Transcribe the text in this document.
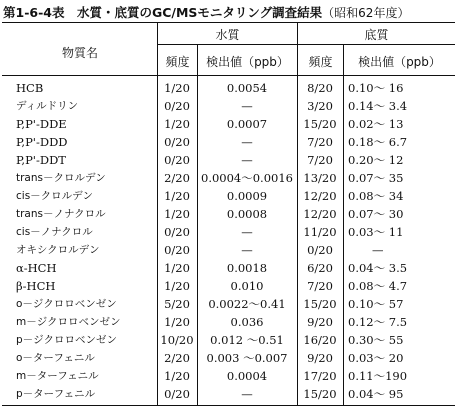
第1-6-4表　水質・底質のGC/MSモニタリング調査結果（昭和62年度）
物質名
水質	底質
頻度	検出値（ppb）	頻度	検出値（ppb）
HCB	1/20	0.0054	8/20	0.10～ 16
ディルドリン	0/20	—	3/20	0.14～ 3.4
P,P'-DDE	1/20	0.0007	15/20 0.02～ 13
P,P'-DDD	0/20	—	7/20	0.18～ 6.7
P,P'-DDT	0/20	—	7/20	0.20～ 12
trans－クロルデン	2/20 0.0004～0.0016 13/20 0.07～ 35
cis－クロルデン	1/20	0.0009	12/20 0.08～ 34
trans－ノナクロル	1/20	0.0008	12/20 0.07～ 30
cis－ノナクロル	0/20	—	11/20 0.03～ 11
オキシクロルデン	0/20	—	0/20	—
α-HCH	1/20	0.0018	6/20	0.04～ 3.5
β-HCH	1/20	0.010	7/20	0.08～ 4.7
o－ジクロロベンゼン	5/20	0.0022～0.41	15/20 0.10～ 57
m－ジクロロベンゼン	1/20	0.036	9/20	0.12～ 7.5
p－ジクロロベンゼン	10/20	0.012 ～0.51	16/20 0.30～ 55
o－ターフェニル	2/20	0.003 ～0.007	9/20	0.03～ 20
m－ターフェニル	1/20	0.0004	17/20 0.11～190
p－ターフェニル	0/20	—	15/20 0.04～ 95
